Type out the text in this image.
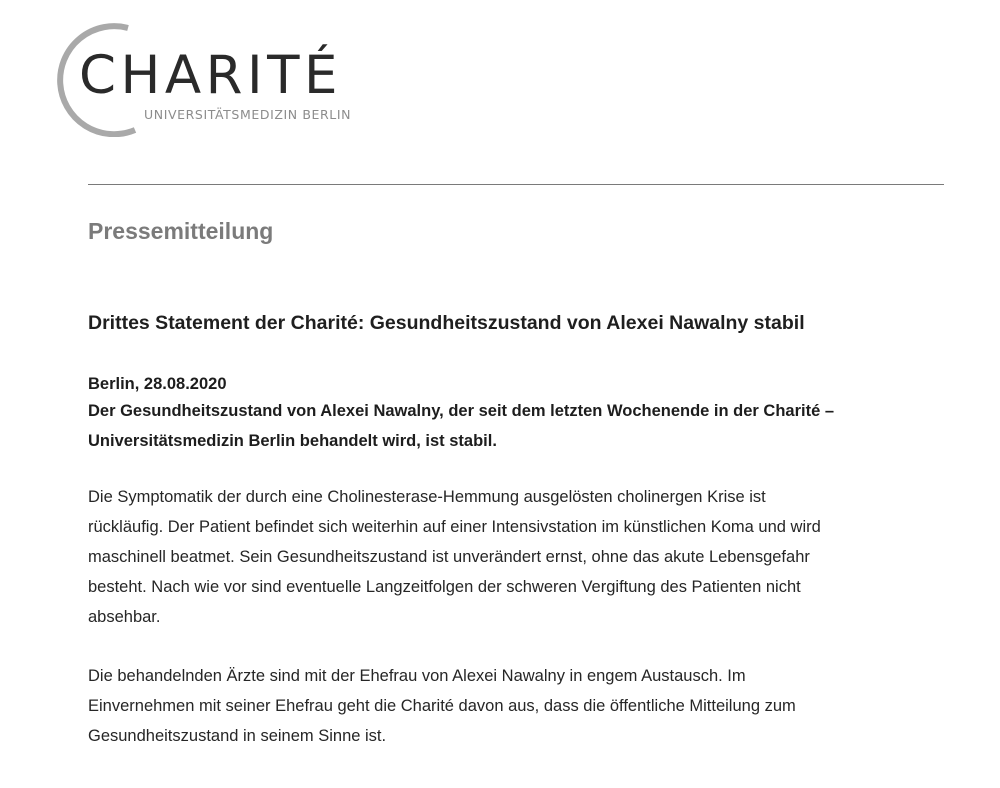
CHARITÉ
UNIVERSITÄTSMEDIZIN BERLIN
Pressemitteilung
Drittes Statement der Charité: Gesundheitszustand von Alexei Nawalny stabil
Berlin, 28.08.2020
Der Gesundheitszustand von Alexei Nawalny, der seit dem letzten Wochenende in der Charité –
Universitätsmedizin Berlin behandelt wird, ist stabil.
Die Symptomatik der durch eine Cholinesterase-Hemmung ausgelösten cholinergen Krise ist
rückläufig. Der Patient befindet sich weiterhin auf einer Intensivstation im künstlichen Koma und wird
maschinell beatmet. Sein Gesundheitszustand ist unverändert ernst, ohne das akute Lebensgefahr
besteht. Nach wie vor sind eventuelle Langzeitfolgen der schweren Vergiftung des Patienten nicht
absehbar.
Die behandelnden Ärzte sind mit der Ehefrau von Alexei Nawalny in engem Austausch. Im
Einvernehmen mit seiner Ehefrau geht die Charité davon aus, dass die öffentliche Mitteilung zum
Gesundheitszustand in seinem Sinne ist.
